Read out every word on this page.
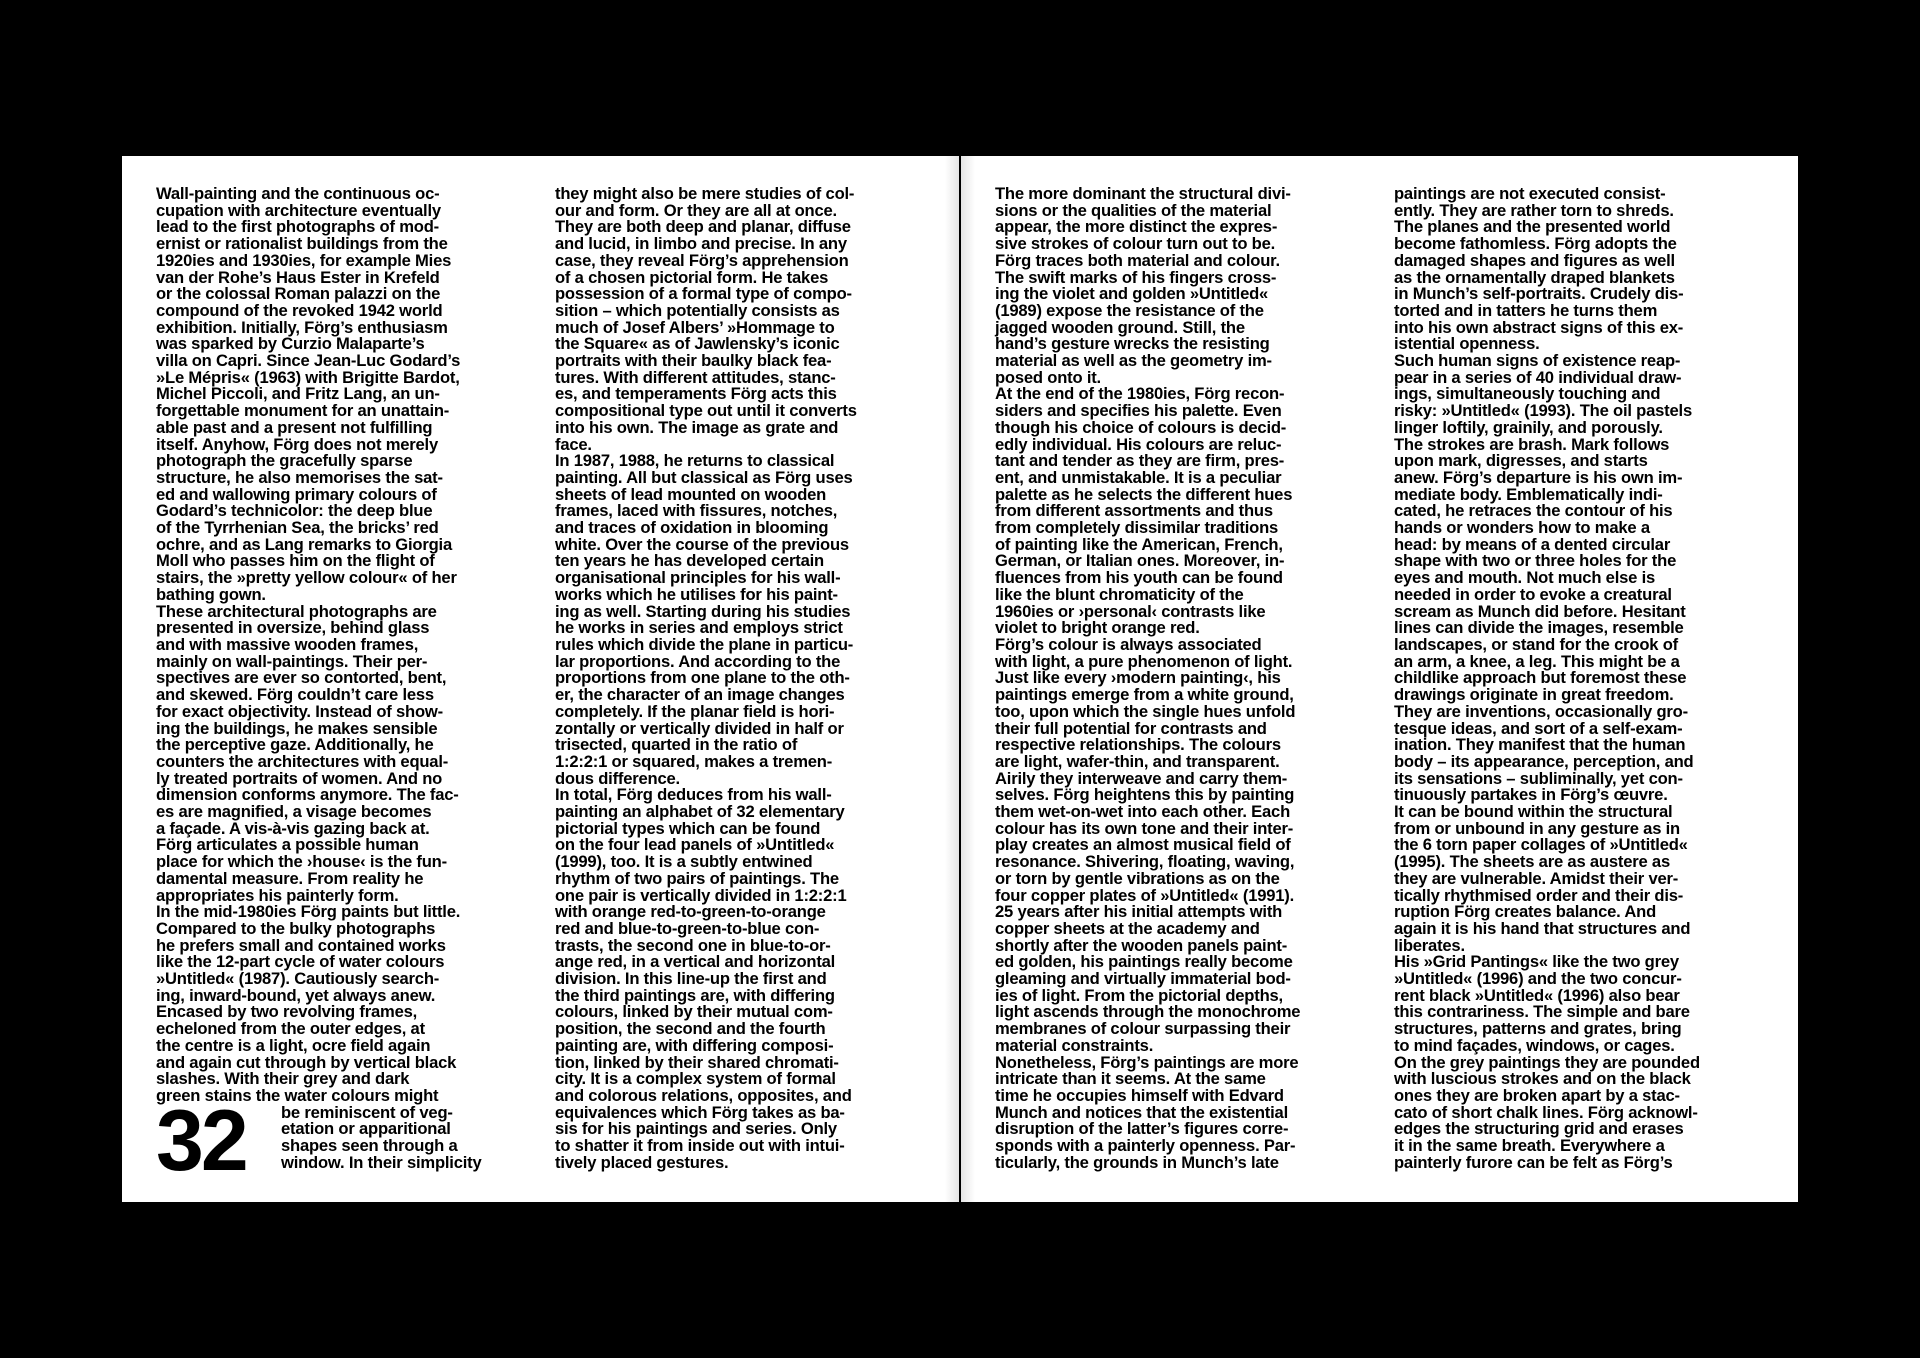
Wall-painting and the continuous oc-
cupation with architecture eventually
lead to the first photographs of mod-
ernist or rationalist buildings from the
1920ies and 1930ies, for example Mies
van der Rohe’s Haus Ester in Krefeld
or the colossal Roman palazzi on the
compound of the revoked 1942 world
exhibition. Initially, Förg’s enthusiasm
was sparked by Curzio Malaparte’s
villa on Capri. Since Jean-Luc Godard’s
»Le Mépris« (1963) with Brigitte Bardot,
Michel Piccoli, and Fritz Lang, an un-
forgettable monument for an unattain-
able past and a present not fulfilling
itself. Anyhow, Förg does not merely
photograph the gracefully sparse
structure, he also memorises the sat-
ed and wallowing primary colours of
Godard’s technicolor: the deep blue
of the Tyrrhenian Sea, the bricks’ red
ochre, and as Lang remarks to Giorgia
Moll who passes him on the flight of
stairs, the »pretty yellow colour« of her
bathing gown.
These architectural photographs are
presented in oversize, behind glass
and with massive wooden frames,
mainly on wall-paintings. Their per-
spectives are ever so contorted, bent,
and skewed. Förg couldn’t care less
for exact objectivity. Instead of show-
ing the buildings, he makes sensible
the perceptive gaze. Additionally, he
counters the architectures with equal-
ly treated portraits of women. And no
dimension conforms anymore. The fac-
es are magnified, a visage becomes
a façade. A vis-à-vis gazing back at.
Förg articulates a possible human
place for which the ›house‹ is the fun-
damental measure. From reality he
appropriates his painterly form.
In the mid-1980ies Förg paints but little.
Compared to the bulky photographs
he prefers small and contained works
like the 12-part cycle of water colours
»Untitled« (1987). Cautiously search-
ing, inward-bound, yet always anew.
Encased by two revolving frames,
echeloned from the outer edges, at
the centre is a light, ocre field again
and again cut through by vertical black
slashes. With their grey and dark
green stains the water colours might
32	be reminiscent of veg-
etation or apparitional
shapes seen through a
window. In their simplicity
they might also be mere studies of col-
our and form. Or they are all at once.
They are both deep and planar, diffuse
and lucid, in limbo and precise. In any
case, they reveal Förg’s apprehension
of a chosen pictorial form. He takes
possession of a formal type of compo-
sition – which potentially consists as
much of Josef Albers’ »Hommage to
the Square« as of Jawlensky’s iconic
portraits with their baulky black fea-
tures. With different attitudes, stanc-
es, and temperaments Förg acts this
compositional type out until it converts
into his own. The image as grate and
face.
In 1987, 1988, he returns to classical
painting. All but classical as Förg uses
sheets of lead mounted on wooden
frames, laced with fissures, notches,
and traces of oxidation in blooming
white. Over the course of the previous
ten years he has developed certain
organisational principles for his wall-
works which he utilises for his paint-
ing as well. Starting during his studies
he works in series and employs strict
rules which divide the plane in particu-
lar proportions. And according to the
proportions from one plane to the oth-
er, the character of an image changes
completely. If the planar field is hori-
zontally or vertically divided in half or
trisected, quarted in the ratio of
1:2:2:1 or squared, makes a tremen-
dous difference.
In total, Förg deduces from his wall-
painting an alphabet of 32 elementary
pictorial types which can be found
on the four lead panels of »Untitled«
(1999), too. It is a subtly entwined
rhythm of two pairs of paintings. The
one pair is vertically divided in 1:2:2:1
with orange red-to-green-to-orange
red and blue-to-green-to-blue con-
trasts, the second one in blue-to-or-
ange red, in a vertical and horizontal
division. In this line-up the first and
the third paintings are, with differing
colours, linked by their mutual com-
position, the second and the fourth
painting are, with differing composi-
tion, linked by their shared chromati-
city. It is a complex system of formal
and colorous relations, opposites, and
equivalences which Förg takes as ba-
sis for his paintings and series. Only
to shatter it from inside out with intui-
tively placed gestures.
The more dominant the structural divi-
sions or the qualities of the material
appear, the more distinct the expres-
sive strokes of colour turn out to be.
Förg traces both material and colour.
The swift marks of his fingers cross-
ing the violet and golden »Untitled«
(1989) expose the resistance of the
jagged wooden ground. Still, the
hand’s gesture wrecks the resisting
material as well as the geometry im-
posed onto it.
At the end of the 1980ies, Förg recon-
siders and specifies his palette. Even
though his choice of colours is decid-
edly individual. His colours are reluc-
tant and tender as they are firm, pres-
ent, and unmistakable. It is a peculiar
palette as he selects the different hues
from different assortments and thus
from completely dissimilar traditions
of painting like the American, French,
German, or Italian ones. Moreover, in-
fluences from his youth can be found
like the blunt chromaticity of the
1960ies or ›personal‹ contrasts like
violet to bright orange red.
Förg’s colour is always associated
with light, a pure phenomenon of light.
Just like every ›modern painting‹, his
paintings emerge from a white ground,
too, upon which the single hues unfold
their full potential for contrasts and
respective relationships. The colours
are light, wafer-thin, and transparent.
Airily they interweave and carry them-
selves. Förg heightens this by painting
them wet-on-wet into each other. Each
colour has its own tone and their inter-
play creates an almost musical field of
resonance. Shivering, floating, waving,
or torn by gentle vibrations as on the
four copper plates of »Untitled« (1991).
25 years after his initial attempts with
copper sheets at the academy and
shortly after the wooden panels paint-
ed golden, his paintings really become
gleaming and virtually immaterial bod-
ies of light. From the pictorial depths,
light ascends through the monochrome
membranes of colour surpassing their
material constraints.
Nonetheless, Förg’s paintings are more
intricate than it seems. At the same
time he occupies himself with Edvard
Munch and notices that the existential
disruption of the latter’s figures corre-
sponds with a painterly openness. Par-
ticularly, the grounds in Munch’s late
paintings are not executed consist-
ently. They are rather torn to shreds.
The planes and the presented world
become fathomless. Förg adopts the
damaged shapes and figures as well
as the ornamentally draped blankets
in Munch’s self-portraits. Crudely dis-
torted and in tatters he turns them
into his own abstract signs of this ex-
istential openness.
Such human signs of existence reap-
pear in a series of 40 individual draw-
ings, simultaneously touching and
risky: »Untitled« (1993). The oil pastels
linger loftily, grainily, and porously.
The strokes are brash. Mark follows
upon mark, digresses, and starts
anew. Förg’s departure is his own im-
mediate body. Emblematically indi-
cated, he retraces the contour of his
hands or wonders how to make a
head: by means of a dented circular
shape with two or three holes for the
eyes and mouth. Not much else is
needed in order to evoke a creatural
scream as Munch did before. Hesitant
lines can divide the images, resemble
landscapes, or stand for the crook of
an arm, a knee, a leg. This might be a
childlike approach but foremost these
drawings originate in great freedom.
They are inventions, occasionally gro-
tesque ideas, and sort of a self-exam-
ination. They manifest that the human
body – its appearance, perception, and
its sensations – subliminally, yet con-
tinuously partakes in Förg’s œuvre.
It can be bound within the structural
from or unbound in any gesture as in
the 6 torn paper collages of »Untitled«
(1995). The sheets are as austere as
they are vulnerable. Amidst their ver-
tically rhythmised order and their dis-
ruption Förg creates balance. And
again it is his hand that structures and
liberates.
His »Grid Pantings« like the two grey
»Untitled« (1996) and the two concur-
rent black »Untitled« (1996) also bear
this contrariness. The simple and bare
structures, patterns and grates, bring
to mind façades, windows, or cages.
On the grey paintings they are pounded
with luscious strokes and on the black
ones they are broken apart by a stac-
cato of short chalk lines. Förg acknowl-
edges the structuring grid and erases
it in the same breath. Everywhere a
painterly furore can be felt as Förg’s
